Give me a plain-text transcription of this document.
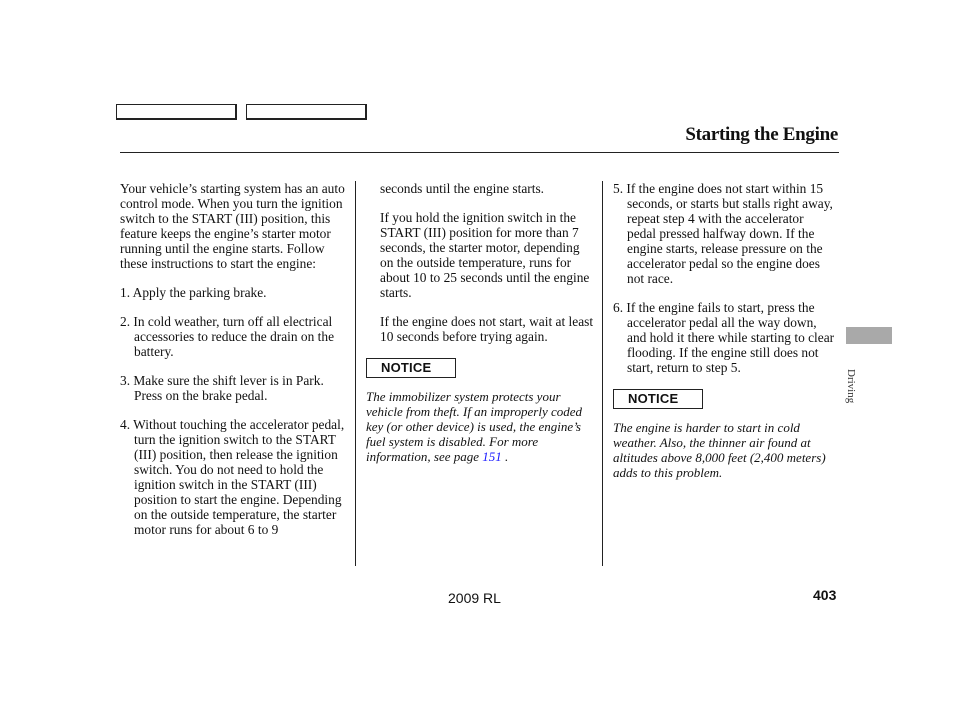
Starting the Engine

Your vehicle’s starting system has an auto control mode. When you turn the ignition switch to the START (III) position, this feature keeps the engine’s starter motor running until the engine starts. Follow these instructions to start the engine:

1. Apply the parking brake.

2. In cold weather, turn off all electrical accessories to reduce the drain on the battery.

3. Make sure the shift lever is in Park. Press on the brake pedal.

4. Without touching the accelerator pedal, turn the ignition switch to the START (III) position, then release the ignition switch. You do not need to hold the ignition switch in the START (III) position to start the engine. Depending on the outside temperature, the starter motor runs for about 6 to 9

seconds until the engine starts.

If you hold the ignition switch in the START (III) position for more than 7 seconds, the starter motor, depending on the outside temperature, runs for about 10 to 25 seconds until the engine starts.

If the engine does not start, wait at least 10 seconds before trying again.

NOTICE

The immobilizer system protects your vehicle from theft. If an improperly coded key (or other device) is used, the engine’s fuel system is disabled. For more information, see page 151 .

5. If the engine does not start within 15 seconds, or starts but stalls right away, repeat step 4 with the accelerator pedal pressed halfway down. If the engine starts, release pressure on the accelerator pedal so the engine does not race.

6. If the engine fails to start, press the accelerator pedal all the way down, and hold it there while starting to clear flooding. If the engine still does not start, return to step 5.

NOTICE

The engine is harder to start in cold weather. Also, the thinner air found at altitudes above 8,000 feet (2,400 meters) adds to this problem.

Driving
2009 RL	403
